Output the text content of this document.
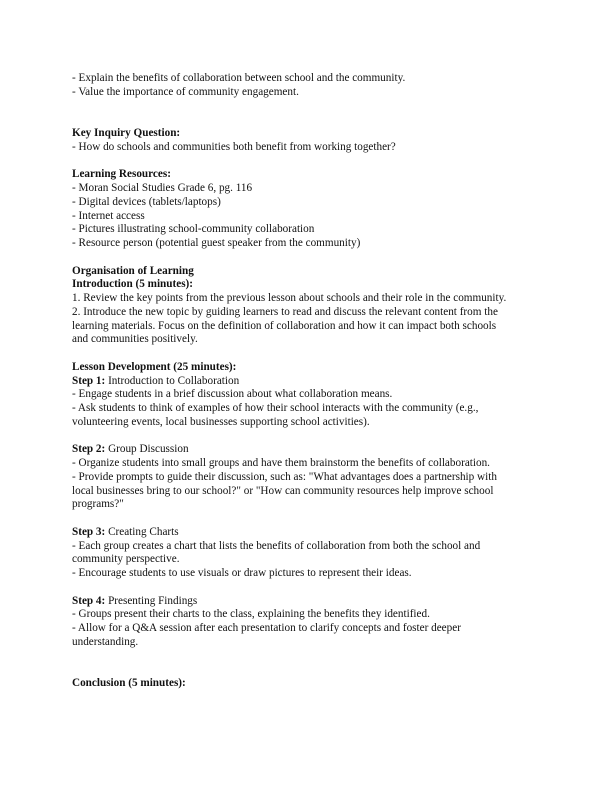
- Explain the benefits of collaboration between school and the community.
- Value the importance of community engagement.
Key Inquiry Question:
- How do schools and communities both benefit from working together?
Learning Resources:
- Moran Social Studies Grade 6, pg. 116
- Digital devices (tablets/laptops)
- Internet access
- Pictures illustrating school-community collaboration
- Resource person (potential guest speaker from the community)
Organisation of Learning
Introduction (5 minutes):
1. Review the key points from the previous lesson about schools and their role in the community.
2. Introduce the new topic by guiding learners to read and discuss the relevant content from the
learning materials. Focus on the definition of collaboration and how it can impact both schools
and communities positively.
Lesson Development (25 minutes):
Step 1: Introduction to Collaboration
- Engage students in a brief discussion about what collaboration means.
- Ask students to think of examples of how their school interacts with the community (e.g.,
volunteering events, local businesses supporting school activities).
Step 2: Group Discussion
- Organize students into small groups and have them brainstorm the benefits of collaboration.
- Provide prompts to guide their discussion, such as: "What advantages does a partnership with
local businesses bring to our school?" or "How can community resources help improve school
programs?"
Step 3: Creating Charts
- Each group creates a chart that lists the benefits of collaboration from both the school and
community perspective.
- Encourage students to use visuals or draw pictures to represent their ideas.
Step 4: Presenting Findings
- Groups present their charts to the class, explaining the benefits they identified.
- Allow for a Q&A session after each presentation to clarify concepts and foster deeper
understanding.
Conclusion (5 minutes):
